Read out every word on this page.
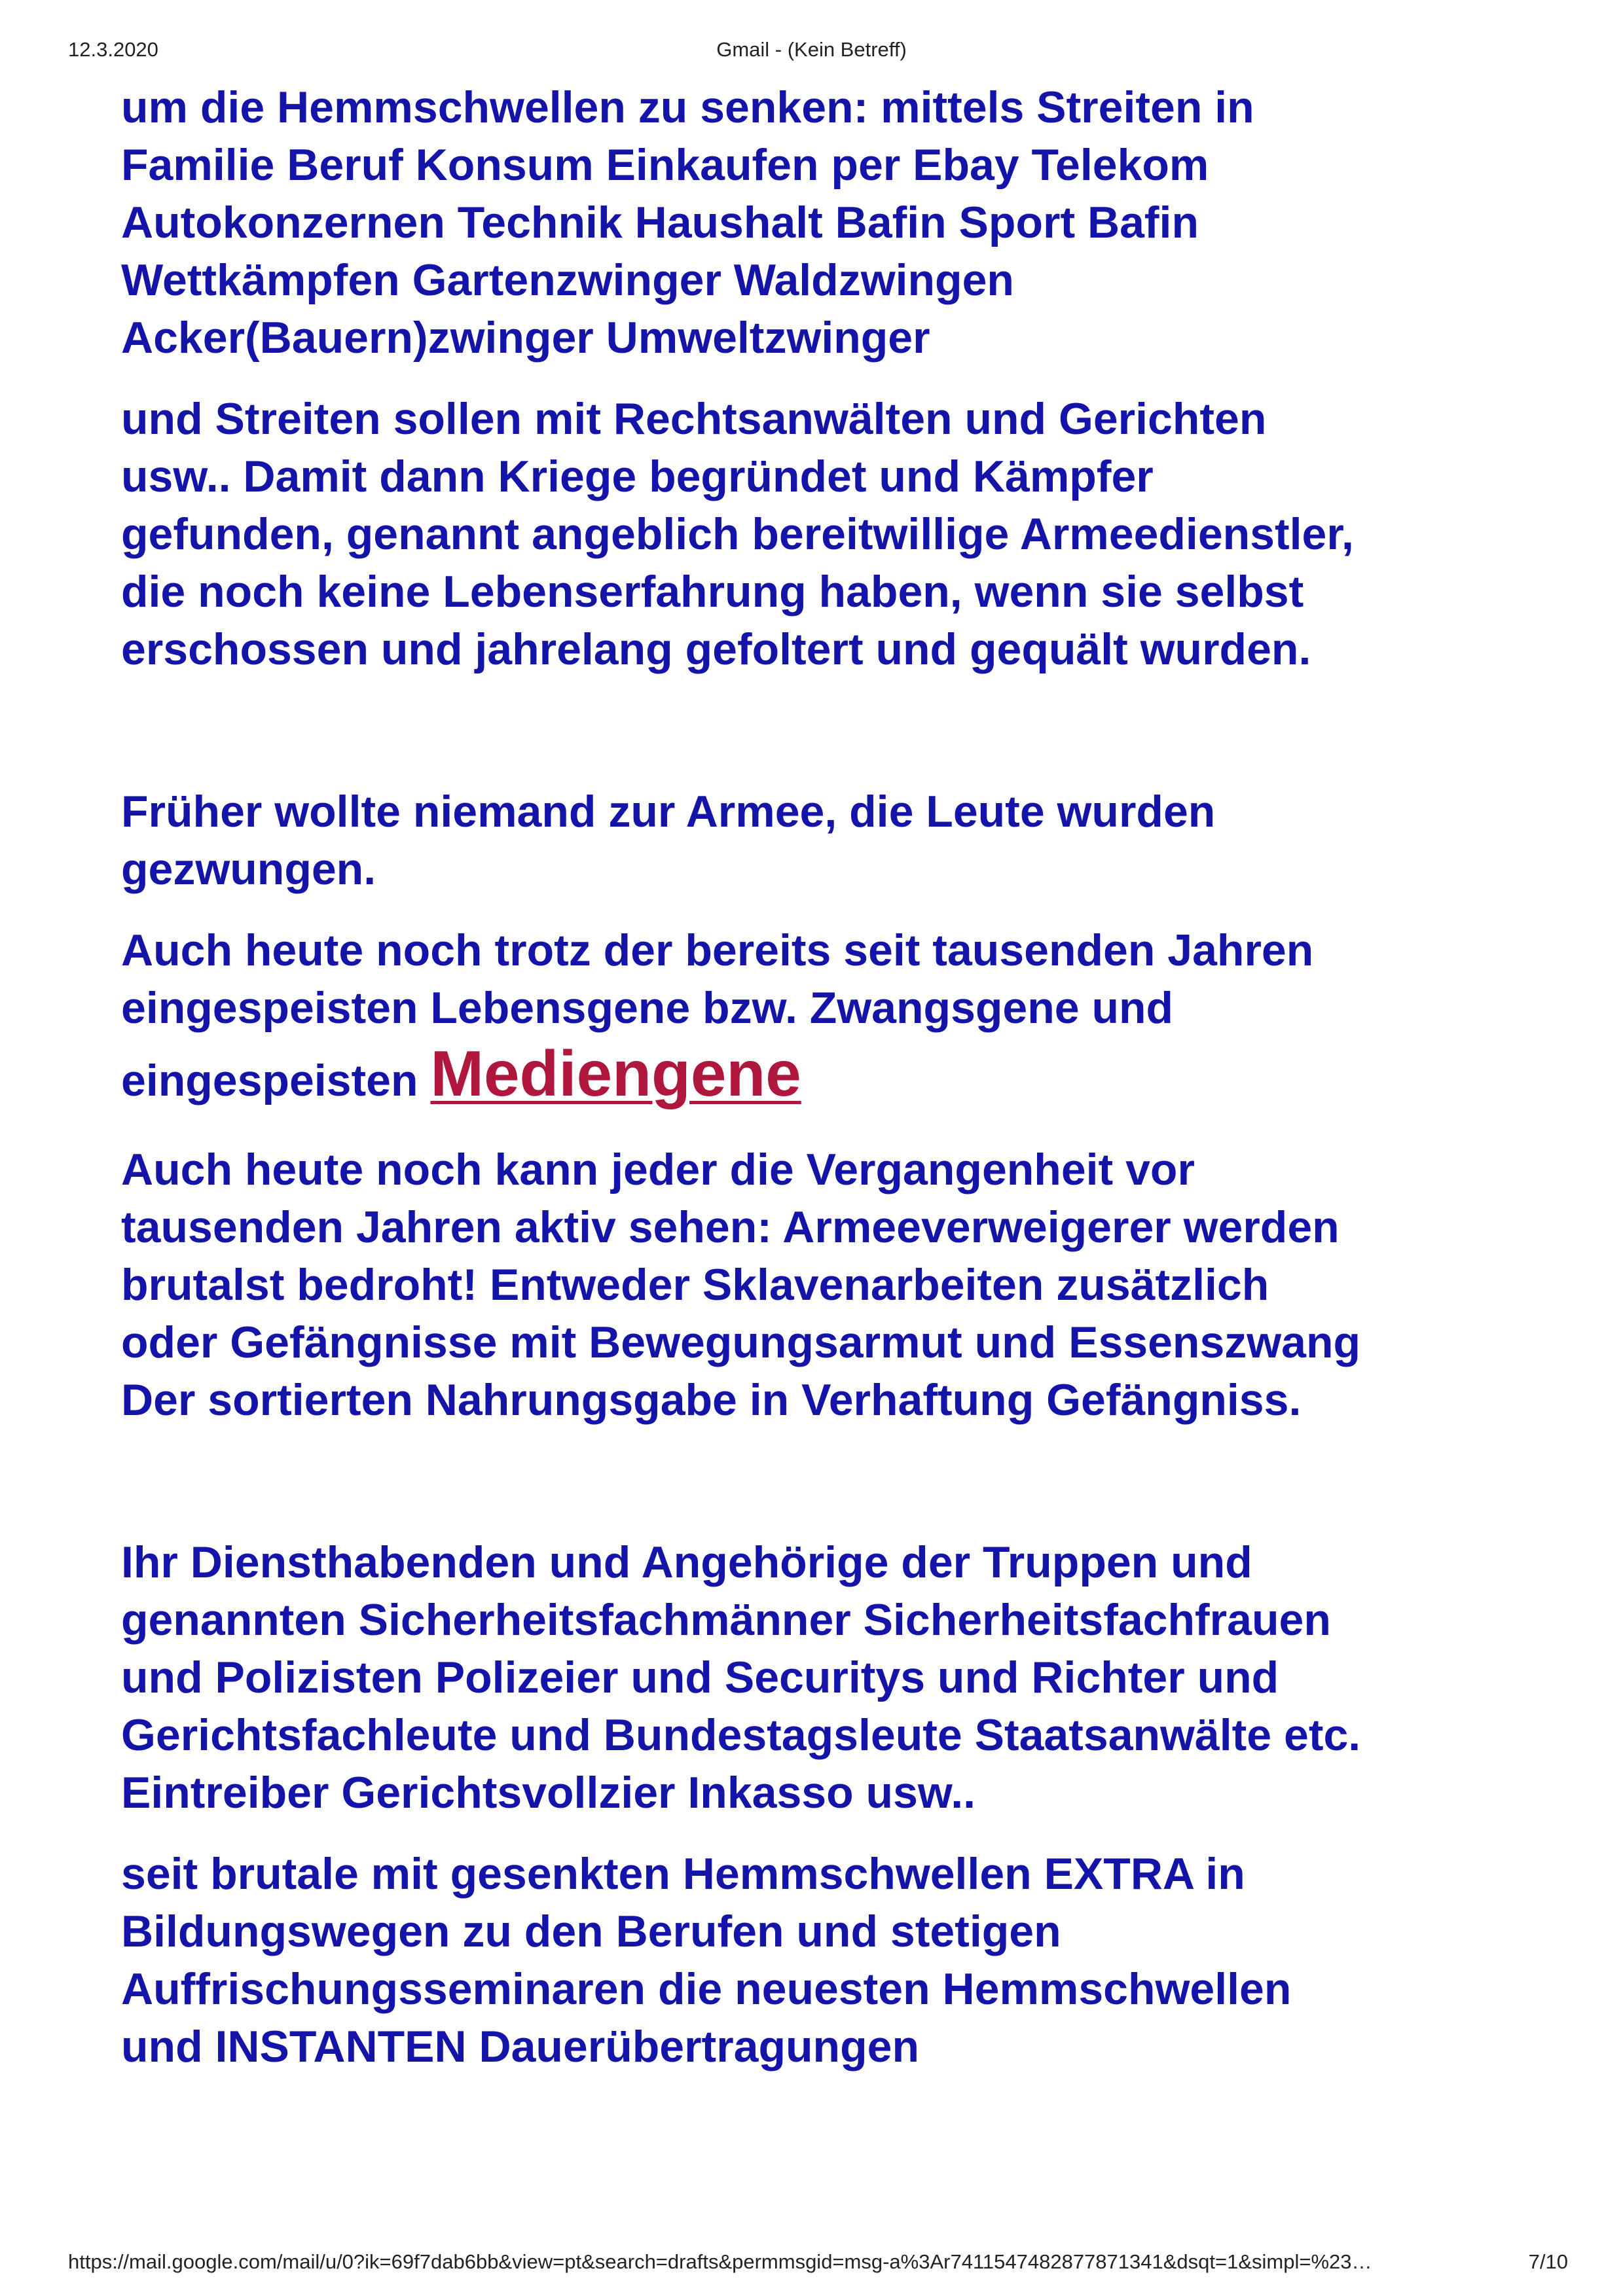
12.3.2020	Gmail - (Kein Betreff)

um die Hemmschwellen zu senken: mittels Streiten in
Familie Beruf Konsum Einkaufen per Ebay Telekom
Autokonzernen Technik Haushalt Bafin Sport Bafin
Wettkämpfen Gartenzwinger Waldzwingen
Acker(Bauern)zwinger Umweltzwinger

und Streiten sollen mit Rechtsanwälten und Gerichten
usw.. Damit dann Kriege begründet und Kämpfer
gefunden, genannt angeblich bereitwillige Armeedienstler,
die noch keine Lebenserfahrung haben, wenn sie selbst
erschossen und jahrelang gefoltert und gequält wurden.

Früher wollte niemand zur Armee, die Leute wurden
gezwungen.

Auch heute noch trotz der bereits seit tausenden Jahren
eingespeisten Lebensgene bzw. Zwangsgene und
eingespeisten Mediengene

Auch heute noch kann jeder die Vergangenheit vor
tausenden Jahren aktiv sehen: Armeeverweigerer werden
brutalst bedroht! Entweder Sklavenarbeiten zusätzlich
oder Gefängnisse mit Bewegungsarmut und Essenszwang
Der sortierten Nahrungsgabe in Verhaftung Gefängniss.

Ihr Diensthabenden und Angehörige der Truppen und
genannten Sicherheitsfachmänner Sicherheitsfachfrauen
und Polizisten Polizeier und Securitys und Richter und
Gerichtsfachleute und Bundestagsleute Staatsanwälte etc.
Eintreiber Gerichtsvollzier Inkasso usw..

seit brutale mit gesenkten Hemmschwellen EXTRA in
Bildungswegen zu den Berufen und stetigen
Auffrischungsseminaren die neuesten Hemmschwellen
und INSTANTEN Dauerübertragungen

https://mail.google.com/mail/u/0?ik=69f7dab6bb&view=pt&search=drafts&permmsgid=msg-a%3Ar7411547482877871341&dsqt=1&simpl=%23…	7/10
